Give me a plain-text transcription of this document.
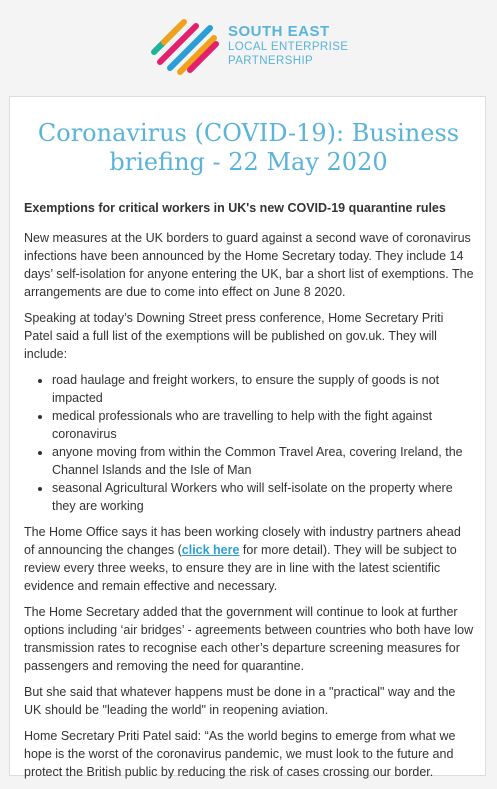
SOUTH EAST
LOCAL ENTERPRISE
PARTNERSHIP
Coronavirus (COVID-19): Business briefing - 22 May 2020

Exemptions for critical workers in UK's new COVID-19 quarantine rules

New measures at the UK borders to guard against a second wave of coronavirus infections have been announced by the Home Secretary today. They include 14 days’ self-isolation for anyone entering the UK, bar a short list of exemptions. The arrangements are due to come into effect on June 8 2020.

Speaking at today’s Downing Street press conference, Home Secretary Priti Patel said a full list of the exemptions will be published on gov.uk. They will include:

• road haulage and freight workers, to ensure the supply of goods is not impacted
• medical professionals who are travelling to help with the fight against coronavirus
• anyone moving from within the Common Travel Area, covering Ireland, the Channel Islands and the Isle of Man
• seasonal Agricultural Workers who will self-isolate on the property where they are working

The Home Office says it has been working closely with industry partners ahead of announcing the changes (click here for more detail). They will be subject to review every three weeks, to ensure they are in line with the latest scientific evidence and remain effective and necessary.

The Home Secretary added that the government will continue to look at further options including ‘air bridges’ - agreements between countries who both have low transmission rates to recognise each other’s departure screening measures for passengers and removing the need for quarantine.

But she said that whatever happens must be done in a "practical" way and the UK should be "leading the world" in reopening aviation.

Home Secretary Priti Patel said: “As the world begins to emerge from what we hope is the worst of the coronavirus pandemic, we must look to the future and protect the British public by reducing the risk of cases crossing our border.
